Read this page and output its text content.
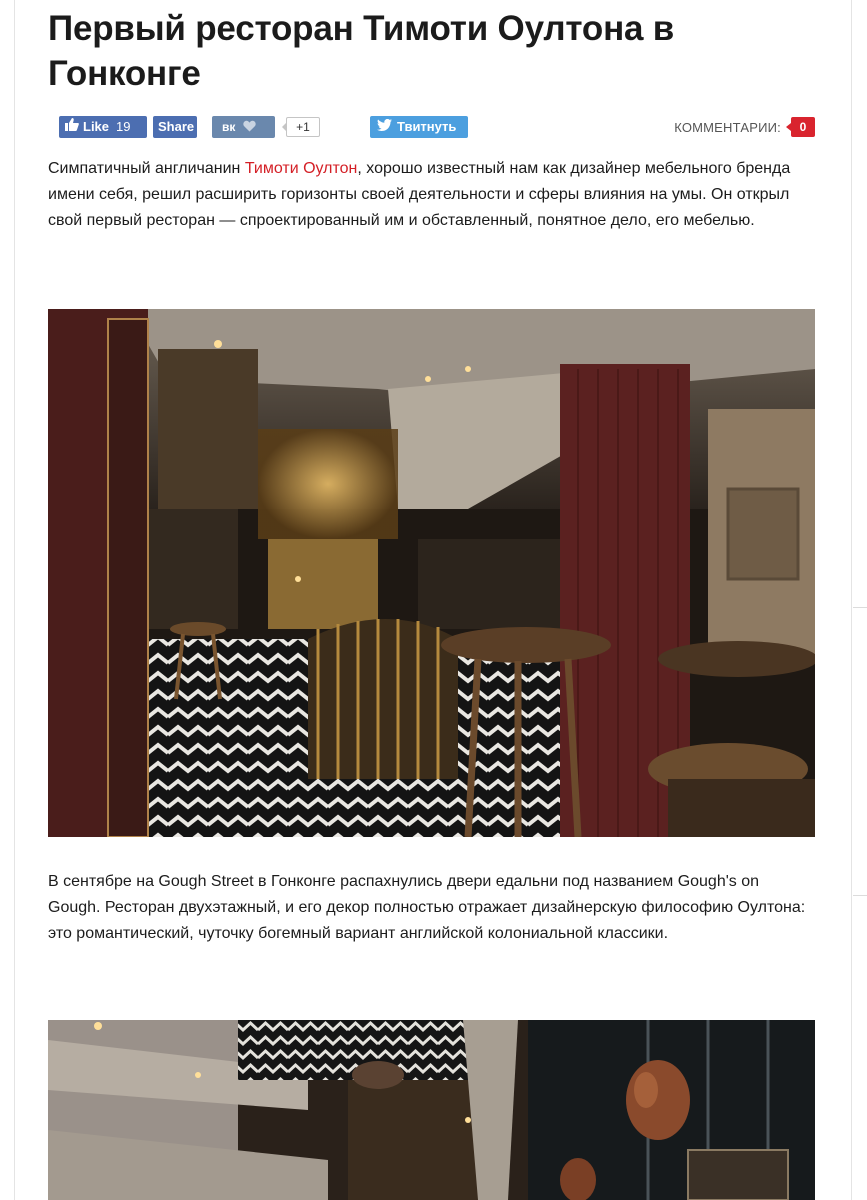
Первый ресторан Тимоти Оултона в Гонконге
Like 19	Share вк	+1	Твитнуть	КОММЕНТАРИИ:	0

Симпатичный англичанин Тимоти Оултон, хорошо известный нам как дизайнер мебельного бренда имени себя, решил расширить горизонты своей деятельности и сферы влияния на умы. Он открыл свой первый ресторан — спроектированный им и обставленный, понятное дело, его мебелью.

В сентябре на Gough Street в Гонконге распахнулись двери едальни под названием Gough's on Gough. Ресторан двухэтажный, и его декор полностью отражает дизайнерскую философию Оултона: это романтический, чуточку богемный вариант английской колониальной классики.
